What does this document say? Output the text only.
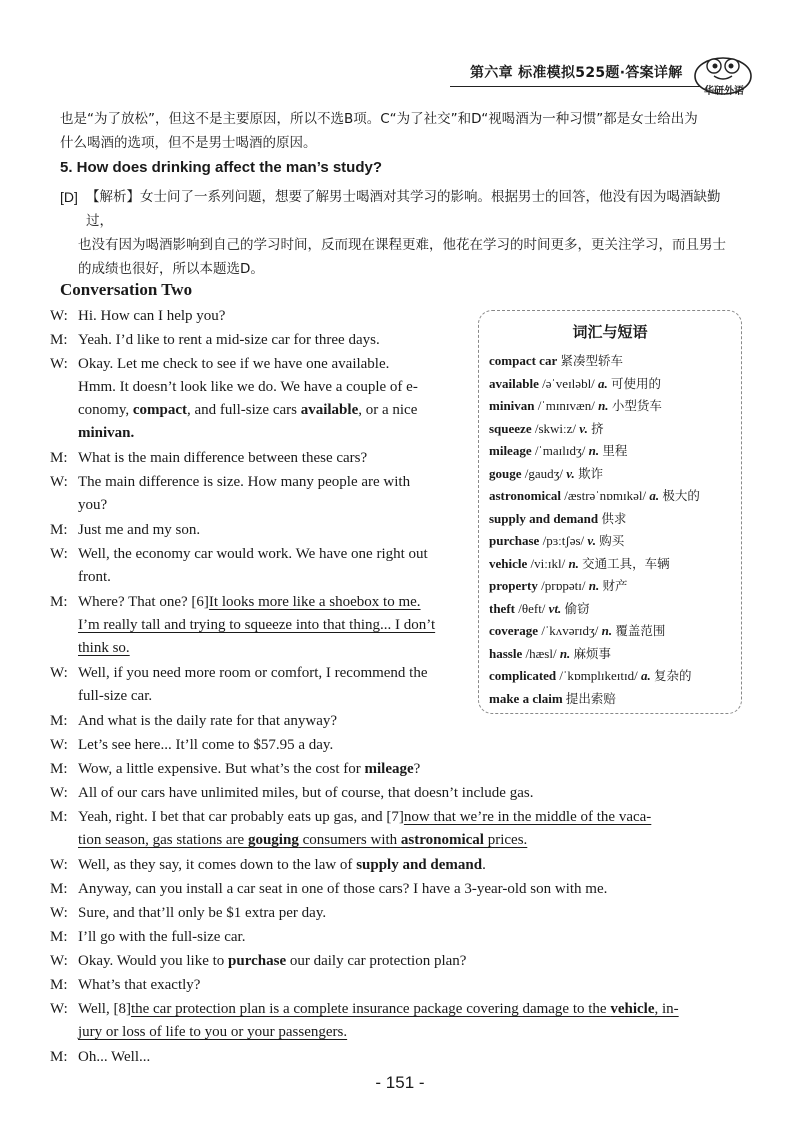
第六章 标准模拟525题·答案详解
华研外语
也是“为了放松”，但这不是主要原因，所以不选B项。C“为了社交”和D“视喝酒为一种习惯”都是女士给出为
什么喝酒的选项，但不是男士喝酒的原因。
5. How does drinking affect the man’s study?
[D] 【解析】女士问了一系列问题，想要了解男士喝酒对其学习的影响。根据男士的回答，他没有因为喝酒缺勤过，
也没有因为喝酒影响到自己的学习时间，反而现在课程更难，他花在学习的时间更多，更关注学习，而且男士
的成绩也很好，所以本题选D。
Conversation Two
W: Hi. How can I help you?
M: Yeah. I’d like to rent a mid-size car for three days.
W: Okay. Let me check to see if we have one available.
Hmm. It doesn’t look like we do. We have a couple of e-
conomy, compact, and full-size cars available, or a nice
minivan.
M: What is the main difference between these cars?
W: The main difference is size. How many people are with
you?
M: Just me and my son.
W: Well, the economy car would work. We have one right out
front.
M: Where? That one? [6]It looks more like a shoebox to me.
I’m really tall and trying to squeeze into that thing... I don’t
think so.
W: Well, if you need more room or comfort, I recommend the
full-size car.
M: And what is the daily rate for that anyway?
W: Let’s see here... It’ll come to $57.95 a day.
M: Wow, a little expensive. But what’s the cost for mileage?
W: All of our cars have unlimited miles, but of course, that doesn’t include gas.
M: Yeah, right. I bet that car probably eats up gas, and [7]now that we’re in the middle of the vaca-
tion season, gas stations are gouging consumers with astronomical prices.
W: Well, as they say, it comes down to the law of supply and demand.
M: Anyway, can you install a car seat in one of those cars? I have a 3-year-old son with me.
W: Sure, and that’ll only be $1 extra per day.
M: I’ll go with the full-size car.
W: Okay. Would you like to purchase our daily car protection plan?
M: What’s that exactly?
W: Well, [8]the car protection plan is a complete insurance package covering damage to the vehicle, in-
jury or loss of life to you or your passengers.
M: Oh... Well...
词汇与短语
compact car 紧凑型轿车
available /əˈveɪləbl/ a. 可使用的
minivan /ˈmɪnɪvæn/ n. 小型货车
squeeze /skwiːz/ v. 挤
mileage /ˈmaɪlɪdʒ/ n. 里程
gouge /gaudʒ/ v. 欺诈
astronomical /æstrəˈnɒmɪkəl/ a. 极大的
supply and demand 供求
purchase /pɜːtʃəs/ v. 购买
vehicle /viːɪkl/ n. 交通工具，车辆
property /prɒpətɪ/ n. 财产
theft /θeft/ vt. 偷窃
coverage /ˈkʌvərɪdʒ/ n. 覆盖范围
hassle /hæsl/ n. 麻烦事
complicated /ˈkɒmplɪkeɪtɪd/ a. 复杂的
make a claim 提出索赔
- 151 -
